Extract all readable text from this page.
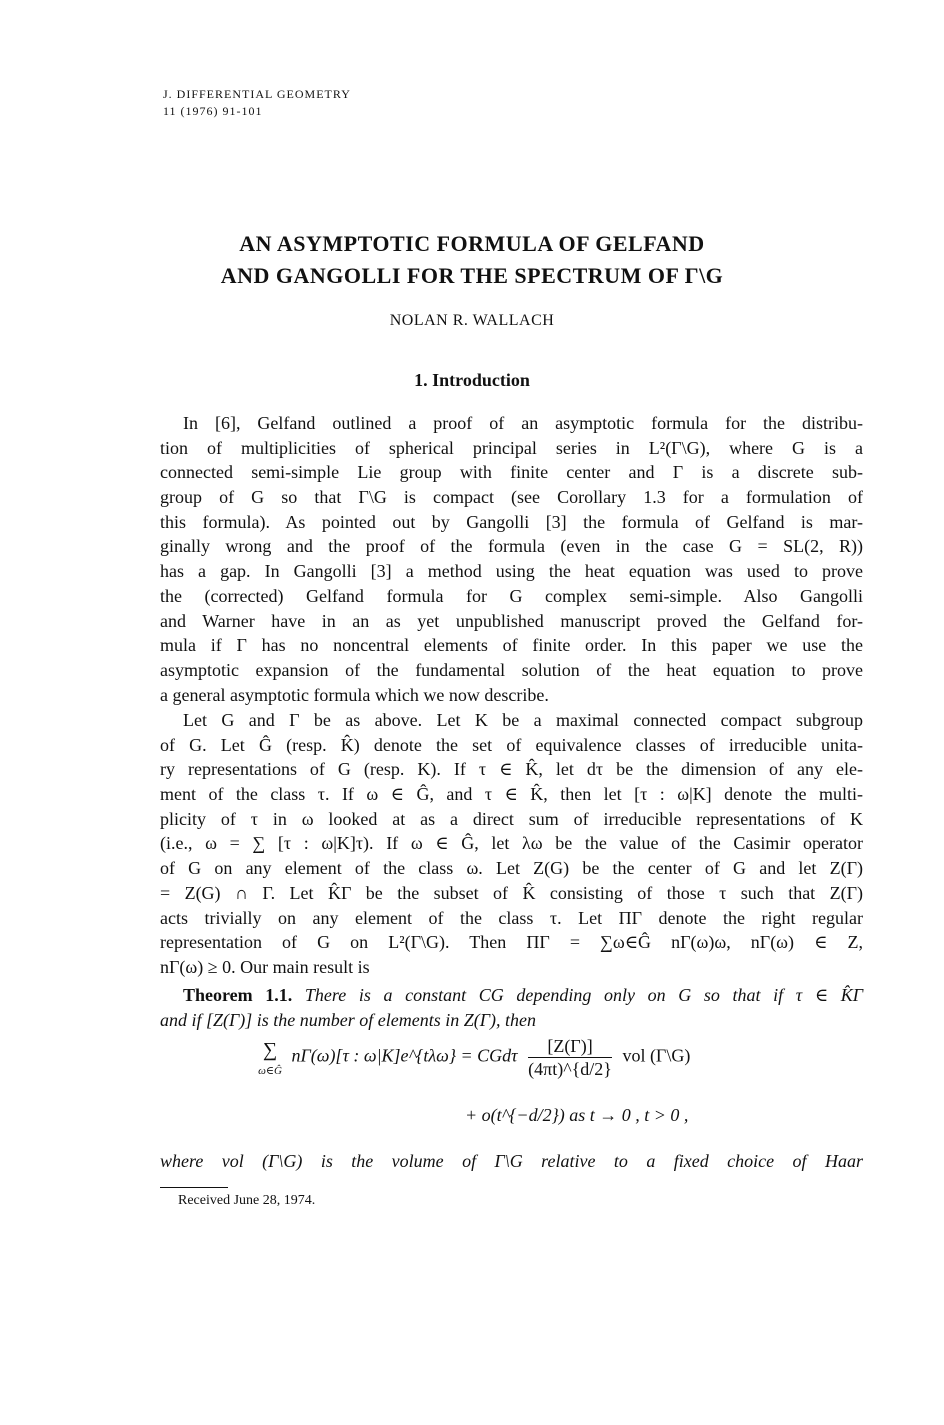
J. DIFFERENTIAL GEOMETRY
11 (1976) 91-101
AN ASYMPTOTIC FORMULA OF GELFAND
AND GANGOLLI FOR THE SPECTRUM OF Γ\G
NOLAN R. WALLACH
1. Introduction
In [6], Gelfand outlined a proof of an asymptotic formula for the distribu-
tion of multiplicities of spherical principal series in L²(Γ\G), where G is a
connected semi-simple Lie group with finite center and Γ is a discrete sub-
group of G so that Γ\G is compact (see Corollary 1.3 for a formulation of
this formula). As pointed out by Gangolli [3] the formula of Gelfand is mar-
ginally wrong and the proof of the formula (even in the case G = SL(2, R))
has a gap. In Gangolli [3] a method using the heat equation was used to prove
the (corrected) Gelfand formula for G complex semi-simple. Also Gangolli
and Warner have in an as yet unpublished manuscript proved the Gelfand for-
mula if Γ has no noncentral elements of finite order. In this paper we use the
asymptotic expansion of the fundamental solution of the heat equation to prove
a general asymptotic formula which we now describe.
Let G and Γ be as above. Let K be a maximal connected compact subgroup
of G. Let Ĝ (resp. K̂) denote the set of equivalence classes of irreducible unita-
ry representations of G (resp. K). If τ ∈ K̂, let dτ be the dimension of any ele-
ment of the class τ. If ω ∈ Ĝ, and τ ∈ K̂, then let [τ : ω|K] denote the multi-
plicity of τ in ω looked at as a direct sum of irreducible representations of K
(i.e., ω = ∑ [τ : ω|K]τ). If ω ∈ Ĝ, let λω be the value of the Casimir operator
of G on any element of the class ω. Let Z(G) be the center of G and let Z(Γ)
= Z(G) ∩ Γ. Let K̂Γ be the subset of K̂ consisting of those τ such that Z(Γ)
acts trivially on any element of the class τ. Let ΠΓ denote the right regular
representation of G on L²(Γ\G). Then ΠΓ = ∑ω∈Ĝ nΓ(ω)ω, nΓ(ω) ∈ Z,
nΓ(ω) ≥ 0. Our main result is
Theorem 1.1. There is a constant CG depending only on G so that if τ ∈ K̂Γ
and if [Z(Γ)] is the number of elements in Z(Γ), then
∑
ω∈Ĝ
nΓ(ω)[τ : ω|K]e^{tλω} = CGdτ $\frac{[Z(\Gamma)]}{(4\pi t)\^{}\{d/2\}}$ vol (Γ\G)
+ o(t^{−d/2}) as t → 0 , t > 0 ,
where vol (Γ\G) is the volume of Γ\G relative to a fixed choice of Haar
Received June 28, 1974.
